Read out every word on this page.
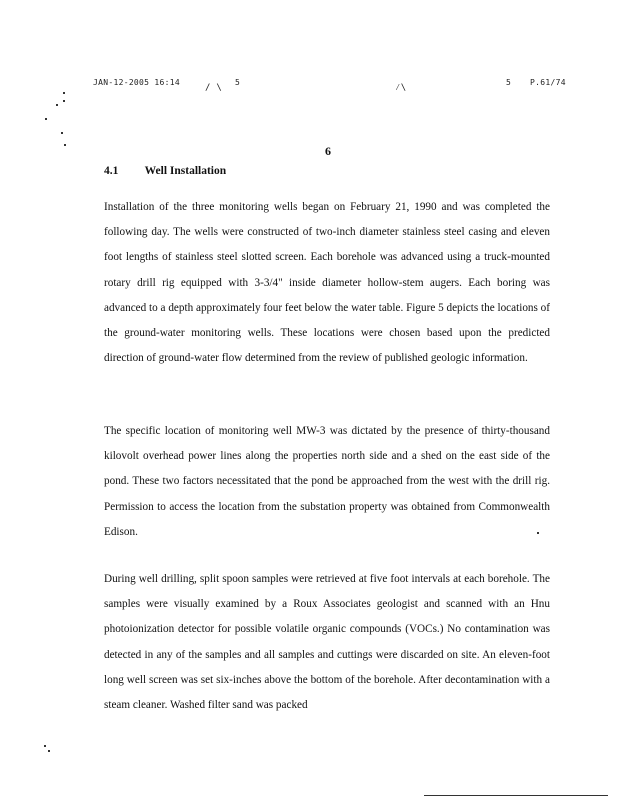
JAN-12-2005 16:14
/ \
5
⁄\
5 P.61/74
6
4.1 Well Installation

Installation of the three monitoring wells began on February 21, 1990 and was completed the following day. The wells were constructed of two-inch diameter stainless steel casing and eleven foot lengths of stainless steel slotted screen. Each borehole was advanced using a truck-mounted rotary drill rig equipped with 3-3/4" inside diameter hollow-stem augers. Each boring was advanced to a depth approximately four feet below the water table. Figure 5 depicts the locations of the ground-water monitoring wells. These locations were chosen based upon the predicted direction of ground-water flow determined from the review of published geologic information.

The specific location of monitoring well MW-3 was dictated by the presence of thirty-thousand kilovolt overhead power lines along the properties north side and a shed on the east side of the pond. These two factors necessitated that the pond be approached from the west with the drill rig. Permission to access the location from the substation property was obtained from Commonwealth Edison.

During well drilling, split spoon samples were retrieved at five foot intervals at each borehole. The samples were visually examined by a Roux Associates geologist and scanned with an Hnu photoionization detector for possible volatile organic compounds (VOCs.) No contamination was detected in any of the samples and all samples and cuttings were discarded on site. An eleven-foot long well screen was set six-inches above the bottom of the borehole. After decontamination with a steam cleaner. Washed filter sand was packed
